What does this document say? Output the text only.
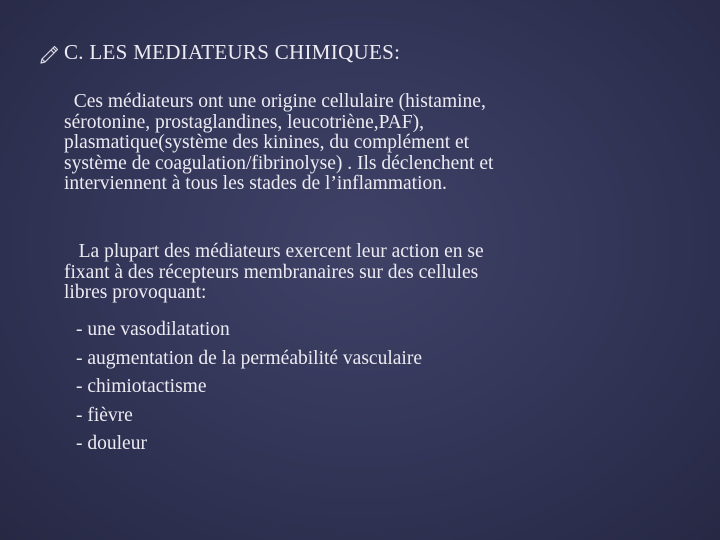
C. LES MEDIATEURS CHIMIQUES:
Ces médiateurs ont une origine cellulaire (histamine,
sérotonine, prostaglandines, leucotriène,PAF),
plasmatique(système des kinines, du complément et
système de coagulation/fibrinolyse) . Ils déclenchent et
interviennent à tous les stades de l’inflammation.
La plupart des médiateurs exercent leur action en se
fixant à des récepteurs membranaires sur des cellules
libres provoquant:
- une vasodilatation
- augmentation de la perméabilité vasculaire
- chimiotactisme
- fièvre
- douleur
